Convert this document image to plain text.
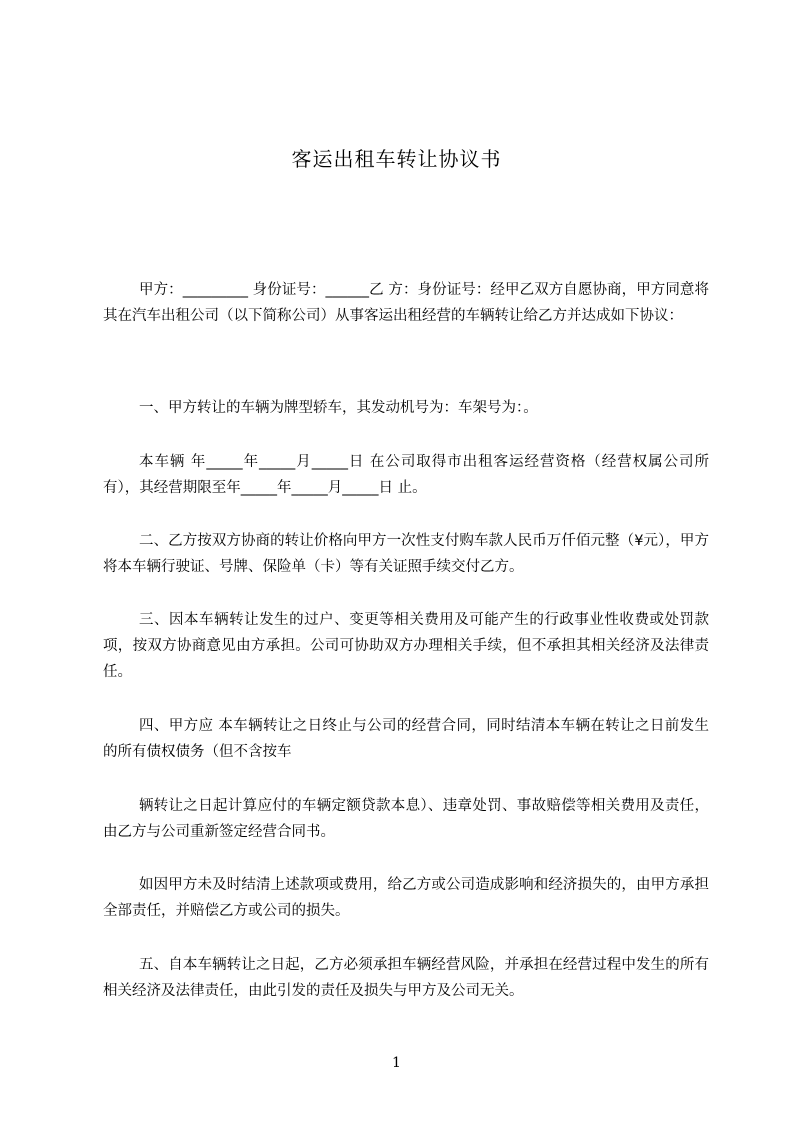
客运出租车转让协议书

甲方：_________ 身份证号：______乙 方：身份证号：经甲乙双方自愿协商，甲方同意将其在汽车出租公司（以下简称公司）从事客运出租经营的车辆转让给乙方并达成如下协议：

一、甲方转让的车辆为牌型轿车，其发动机号为：车架号为：。

本车辆 年_____年_____月_____日 在公司取得市出租客运经营资格（经营权属公司所有），其经营期限至年_____年_____月_____日 止。

二、乙方按双方协商的转让价格向甲方一次性支付购车款人民币万仟佰元整（¥元），甲方将本车辆行驶证、号牌、保险单（卡）等有关证照手续交付乙方。

三、因本车辆转让发生的过户、变更等相关费用及可能产生的行政事业性收费或处罚款项，按双方协商意见由方承担。公司可协助双方办理相关手续，但不承担其相关经济及法律责任。

四、甲方应 本车辆转让之日终止与公司的经营合同，同时结清本车辆在转让之日前发生的所有债权债务（但不含按车

辆转让之日起计算应付的车辆定额贷款本息）、违章处罚、事故赔偿等相关费用及责任，由乙方与公司重新签定经营合同书。

如因甲方未及时结清上述款项或费用，给乙方或公司造成影响和经济损失的，由甲方承担全部责任，并赔偿乙方或公司的损失。

五、自本车辆转让之日起，乙方必须承担车辆经营风险，并承担在经营过程中发生的所有相关经济及法律责任，由此引发的责任及损失与甲方及公司无关。

1
